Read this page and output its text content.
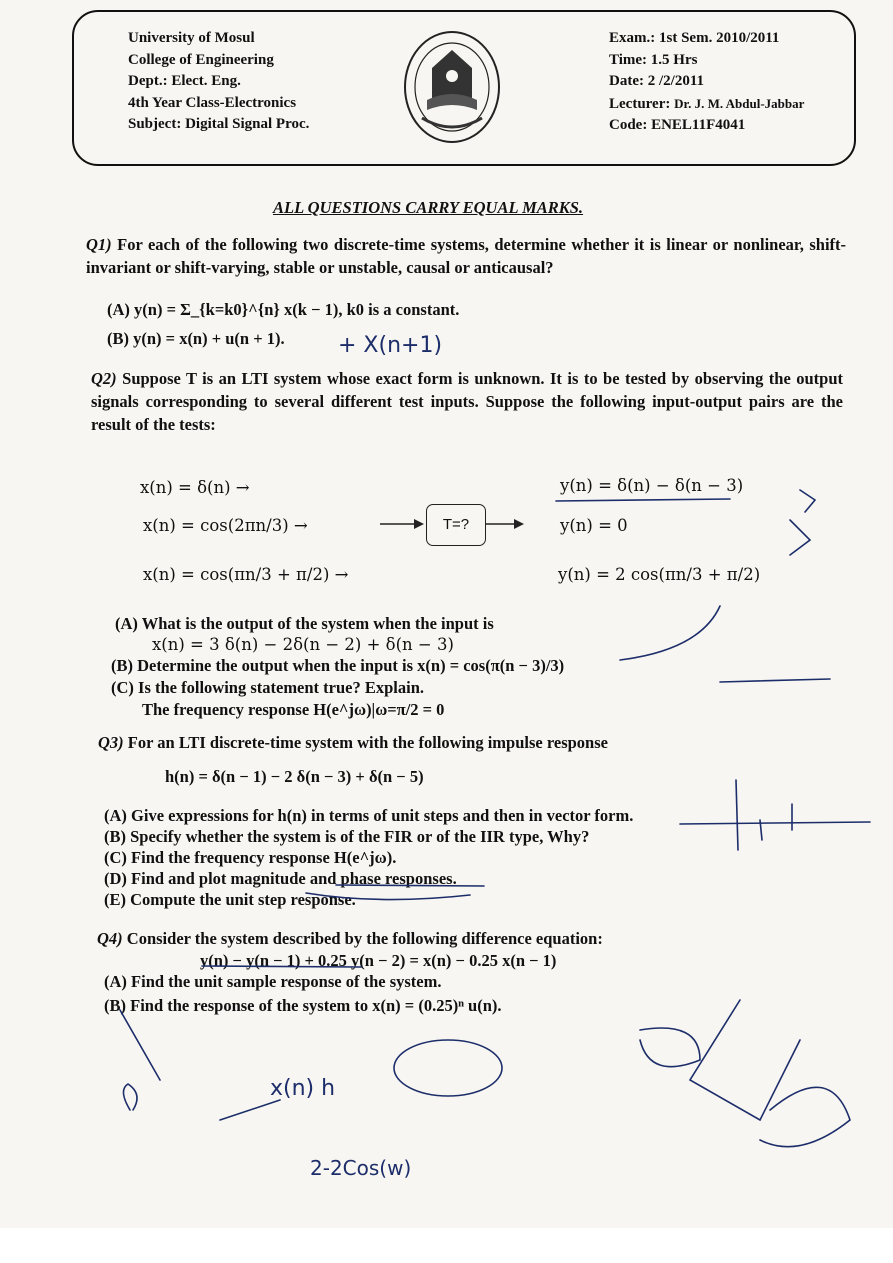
University of Mosul
College of Engineering
Dept.: Elect. Eng.
4th Year Class-Electronics
Subject: Digital Signal Proc.
Exam.: 1st Sem. 2010/2011
Time: 1.5 Hrs
Date: 2 /2/2011
Lecturer: Dr. J. M. Abdul-Jabbar
Code: ENEL11F4041
ALL QUESTIONS CARRY EQUAL MARKS.
Q1) For each of the following two discrete-time systems, determine whether it is linear or nonlinear, shift-invariant or shift-varying, stable or unstable, causal or anticausal?
(A) y(n) = Σ_{k=k0}^{n} x(k − 1), k0 is a constant.
(B) y(n) = x(n) + u(n + 1).
Q2) Suppose T is an LTI system whose exact form is unknown. It is to be tested by observing the output signals corresponding to several different test inputs. Suppose the following input-output pairs are the result of the tests:
x(n) = δ(n) →
x(n) = cos(2πn/3) →
x(n) = cos(πn/3 + π/2) →
T=?
y(n) = δ(n) − δ(n − 3)
y(n) = 0
y(n) = 2 cos(πn/3 + π/2)
(A) What is the output of the system when the input is
x(n) = 3 δ(n) − 2δ(n − 2) + δ(n − 3)
(B) Determine the output when the input is x(n) = cos(π(n − 3)/3)
(C) Is the following statement true? Explain.
The frequency response H(e^jω)|ω=π/2 = 0
Q3) For an LTI discrete-time system with the following impulse response
h(n) = δ(n − 1) − 2 δ(n − 3) + δ(n − 5)
(A) Give expressions for h(n) in terms of unit steps and then in vector form.
(B) Specify whether the system is of the FIR or of the IIR type, Why?
(C) Find the frequency response H(e^jω).
(D) Find and plot magnitude and phase responses.
(E) Compute the unit step response.
Q4) Consider the system described by the following difference equation:
y(n) − y(n − 1) + 0.25 y(n − 2) = x(n) − 0.25 x(n − 1)
(A) Find the unit sample response of the system.
(B) Find the response of the system to x(n) = (0.25)ⁿ u(n).
+ X(n+1)
2-2Cos(w)
x(n) h
